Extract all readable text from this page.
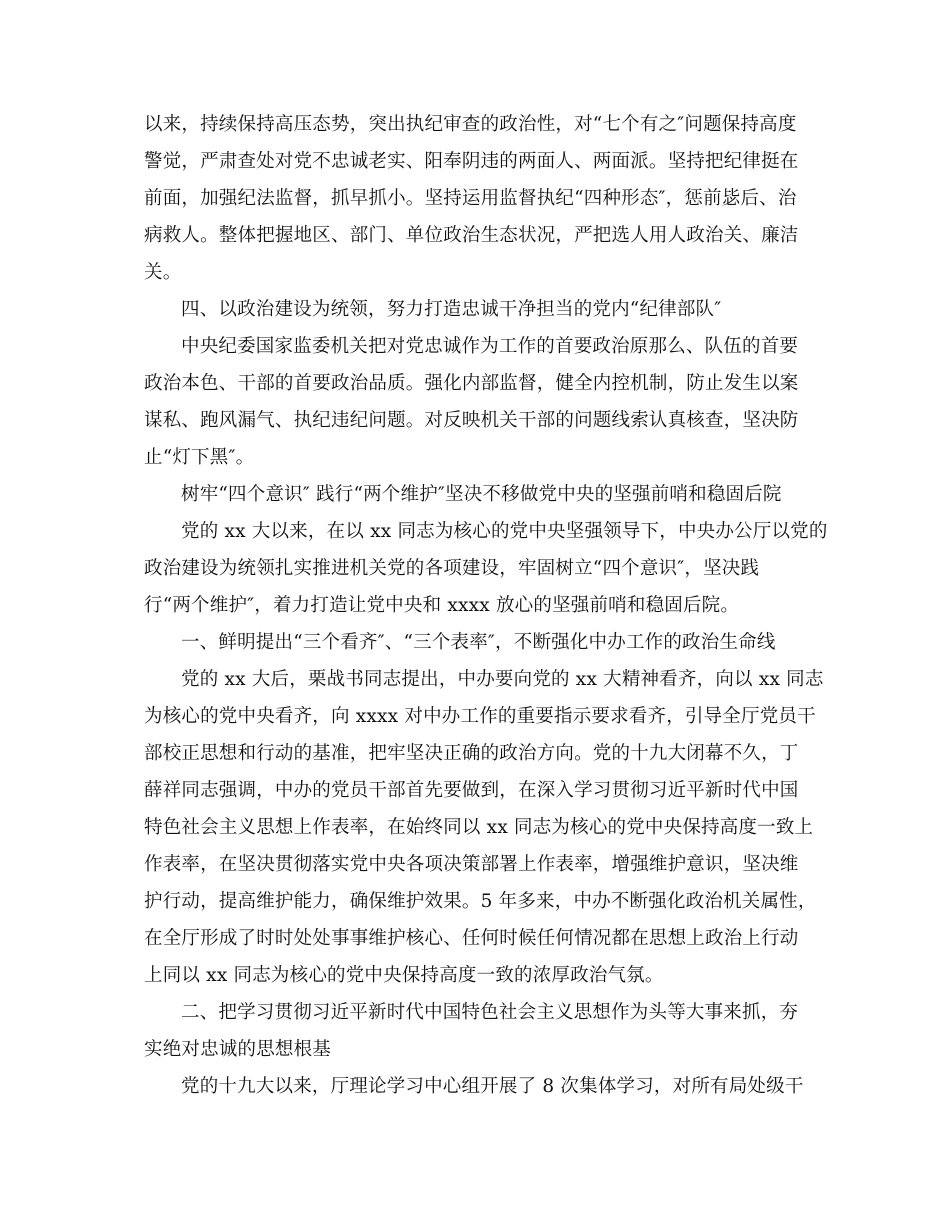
以来，持续保持高压态势，突出执纪审查的政治性，对“七个有之″问题保持高度
警觉，严肃查处对党不忠诚老实、阳奉阴违的两面人、两面派。坚持把纪律挺在
前面，加强纪法监督，抓早抓小。坚持运用监督执纪“四种形态″，惩前毖后、治
病救人。整体把握地区、部门、单位政治生态状况，严把选人用人政治关、廉洁
关。
四、以政治建设为统领，努力打造忠诚干净担当的党内“纪律部队″
中央纪委国家监委机关把对党忠诚作为工作的首要政治原那么、队伍的首要
政治本色、干部的首要政治品质。强化内部监督，健全内控机制，防止发生以案
谋私、跑风漏气、执纪违纪问题。对反映机关干部的问题线索认真核查，坚决防
止“灯下黑″。
树牢“四个意识″ 践行“两个维护″坚决不移做党中央的坚强前哨和稳固后院
党的 xx 大以来，在以 xx 同志为核心的党中央坚强领导下，中央办公厅以党的
政治建设为统领扎实推进机关党的各项建设，牢固树立“四个意识″，坚决践
行“两个维护″，着力打造让党中央和 xxxx 放心的坚强前哨和稳固后院。
一、鲜明提出“三个看齐″、“三个表率″，不断强化中办工作的政治生命线
党的 xx 大后，栗战书同志提出，中办要向党的 xx 大精神看齐，向以 xx 同志
为核心的党中央看齐，向 xxxx 对中办工作的重要指示要求看齐，引导全厅党员干
部校正思想和行动的基准，把牢坚决正确的政治方向。党的十九大闭幕不久，丁
薛祥同志强调，中办的党员干部首先要做到，在深入学习贯彻习近平新时代中国
特色社会主义思想上作表率，在始终同以 xx 同志为核心的党中央保持高度一致上
作表率，在坚决贯彻落实党中央各项决策部署上作表率，增强维护意识，坚决维
护行动，提高维护能力，确保维护效果。5 年多来，中办不断强化政治机关属性，
在全厅形成了时时处处事事维护核心、任何时候任何情况都在思想上政治上行动
上同以 xx 同志为核心的党中央保持高度一致的浓厚政治气氛。
二、把学习贯彻习近平新时代中国特色社会主义思想作为头等大事来抓，夯
实绝对忠诚的思想根基
党的十九大以来，厅理论学习中心组开展了 8 次集体学习，对所有局处级干
